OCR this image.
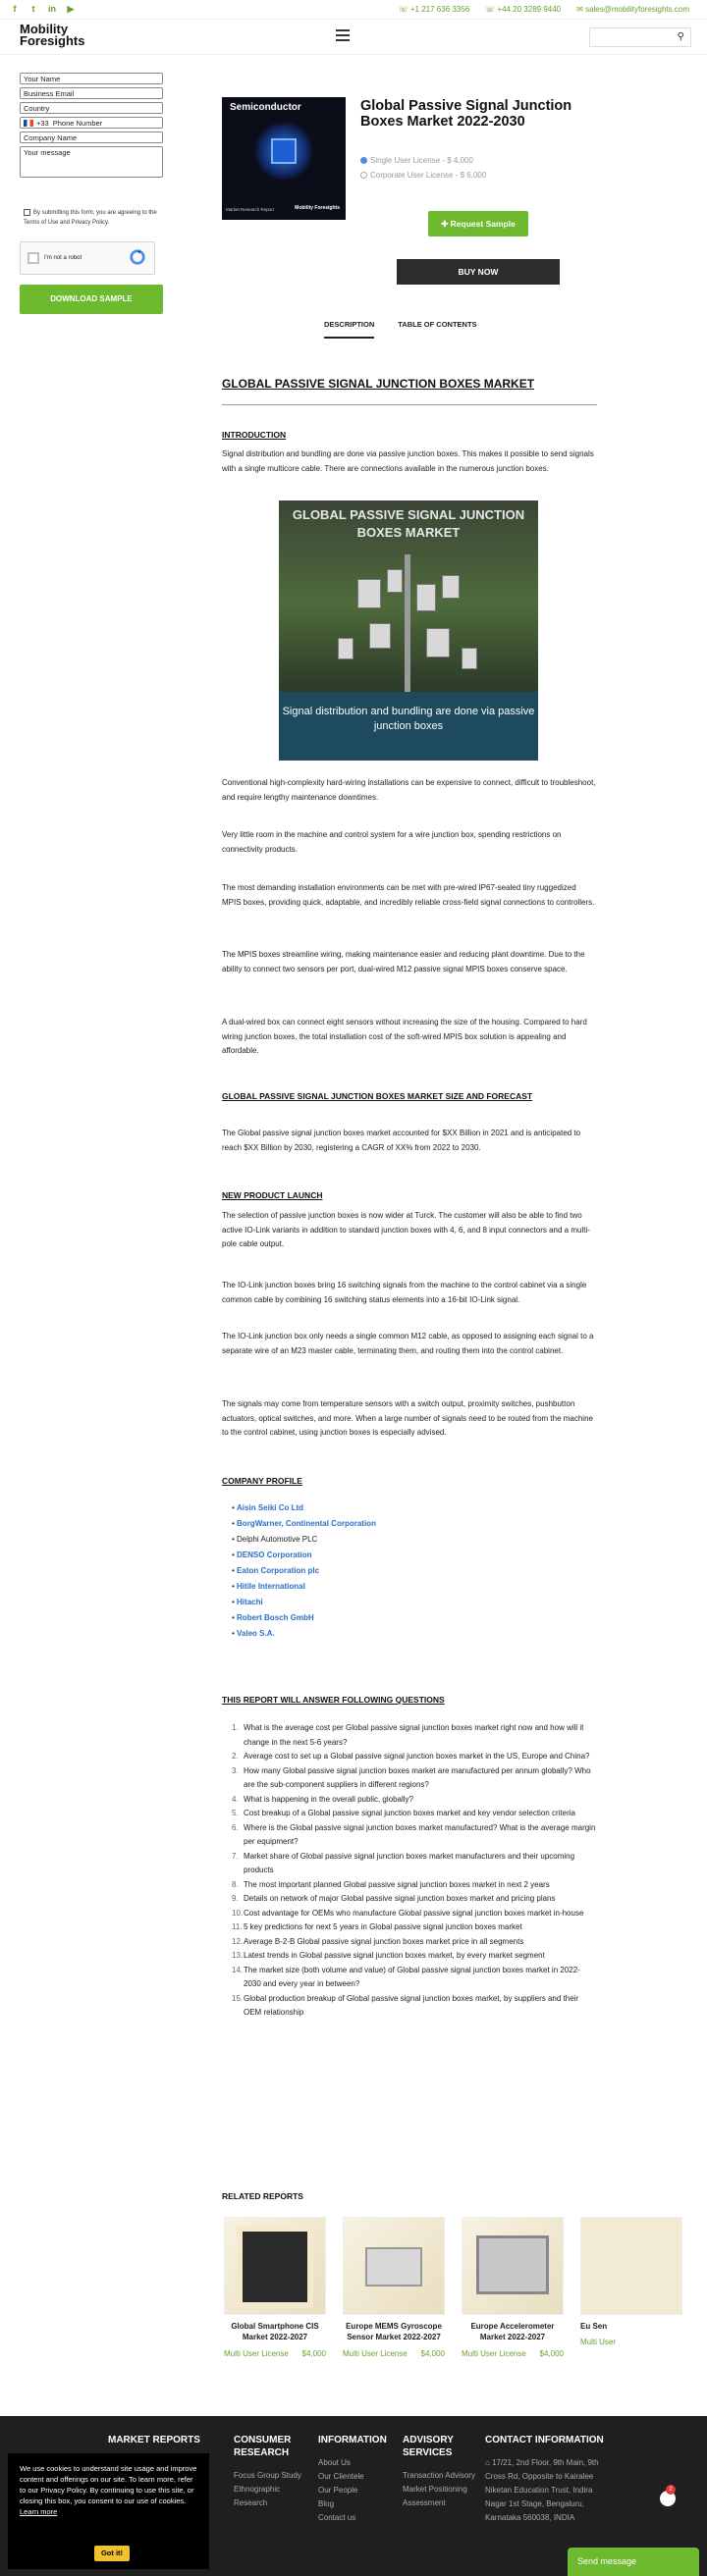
f	t	in ▶	☏ +1 217 636 3356 ☏ +44 20 3289 9440 ✉ sales@mobilityforesights.com
Mobility
Foresights	⚲
Your Name
Business Email
Country
+33 Phone Number
Company Name
Your message
By submitting this form, you are agreeing to the Terms of Use and Privacy Policy.
I'm not a robot
DOWNLOAD SAMPLE
Semiconductor
Market Research Report	Mobility Foresights
Global Passive Signal Junction Boxes Market 2022-2030
Single User License - $ 4,000
Corporate User License - $ 6,000
✚ Request Sample
BUY NOW
DESCRIPTION	TABLE OF CONTENTS
GLOBAL PASSIVE SIGNAL JUNCTION BOXES MARKET
INTRODUCTION
Signal distribution and bundling are done via passive junction boxes. This makes it possible to send signals with a single multicore cable. There are connections available in the numerous junction boxes.
GLOBAL PASSIVE SIGNAL JUNCTION BOXES MARKET
Signal distribution and bundling are done via passive junction boxes
Conventional high-complexity hard-wiring installations can be expensive to connect, difficult to troubleshoot, and require lengthy maintenance downtimes.
Very little room in the machine and control system for a wire junction box, spending restrictions on connectivity products.
The most demanding installation environments can be met with pre-wired IP67-sealed tiny ruggedized MPIS boxes, providing quick, adaptable, and incredibly reliable cross-field signal connections to controllers.
The MPIS boxes streamline wiring, making maintenance easier and reducing plant downtime. Due to the ability to connect two sensors per port, dual-wired M12 passive signal MPIS boxes conserve space.
A dual-wired box can connect eight sensors without increasing the size of the housing. Compared to hard wiring junction boxes, the total installation cost of the soft-wired MPIS box solution is appealing and affordable.
GLOBAL PASSIVE SIGNAL JUNCTION BOXES MARKET SIZE AND FORECAST
The Global passive signal junction boxes market accounted for $XX Billion in 2021 and is anticipated to reach $XX Billion by 2030, registering a CAGR of XX% from 2022 to 2030.
NEW PRODUCT LAUNCH
The selection of passive junction boxes is now wider at Turck. The customer will also be able to find two active IO-Link variants in addition to standard junction boxes with 4, 6, and 8 input connectors and a multi-pole cable output.
The IO-Link junction boxes bring 16 switching signals from the machine to the control cabinet via a single common cable by combining 16 switching status elements into a 16-bit IO-Link signal.
The IO-Link junction box only needs a single common M12 cable, as opposed to assigning each signal to a separate wire of an M23 master cable, terminating them, and routing them into the control cabinet.
The signals may come from temperature sensors with a switch output, proximity switches, pushbutton actuators, optical switches, and more. When a large number of signals need to be routed from the machine to the control cabinet, using junction boxes is especially advised.
COMPANY PROFILE
• Aisin Seiki Co Ltd
• BorgWarner, Continental Corporation
• Delphi Automotive PLC
• DENSO Corporation
• Eaton Corporation plc
• Hitile International
• Hitachi
• Robert Bosch GmbH
• Valeo S.A.
THIS REPORT WILL ANSWER FOLLOWING QUESTIONS
1. What is the average cost per Global passive signal junction boxes market right now and how will it change in the next 5-6 years?
2. Average cost to set up a Global passive signal junction boxes market in the US, Europe and China?
3. How many Global passive signal junction boxes market are manufactured per annum globally? Who are the sub-component suppliers in different regions?
4. What is happening in the overall public, globally?
5. Cost breakup of a Global passive signal junction boxes market and key vendor selection criteria
6. Where is the Global passive signal junction boxes market manufactured? What is the average margin per equipment?
7. Market share of Global passive signal junction boxes market manufacturers and their upcoming products
8. The most important planned Global passive signal junction boxes market in next 2 years
9. Details on network of major Global passive signal junction boxes market and pricing plans
10. Cost advantage for OEMs who manufacture Global passive signal junction boxes market in-house
11. 5 key predictions for next 5 years in Global passive signal junction boxes market
12. Average B-2-B Global passive signal junction boxes market price in all segments
13. Latest trends in Global passive signal junction boxes market, by every market segment
14. The market size (both volume and value) of Global passive signal junction boxes market in 2022-2030 and every year in between?
15. Global production breakup of Global passive signal junction boxes market, by suppliers and their OEM relationship
RELATED REPORTS
Global Smartphone CIS Market 2022-2027
Multi User License $4,000
Europe MEMS Gyroscope Sensor Market 2022-2027
Multi User License $4,000
Europe Accelerometer Market 2022-2027
Multi User License $4,000
Eu Sen
Multi User
MARKET REPORTS	CONSUMER RESEARCH
Focus Group Study
Ethnographic Research
INFORMATION
About Us
Our Clientele
Our People
Blog
Contact us
ADVISORY SERVICES
Transaction Advisory
Market Positioning Assessment
CONTACT INFORMATION
⌂ 17/21, 2nd Floor, 9th Main, 9th Cross Rd, Opposite to Kairalee Niketan Education Trust, Indira Nagar 1st Stage, Bengaluru, Karnataka 560038, INDIA
We use cookies to understand site usage and improve content and offerings on our site. To learn more, refer to our Privacy Policy. By continuing to use this site, or closing this box, you consent to our use of cookies. Learn more
Got it!
2
Send message
